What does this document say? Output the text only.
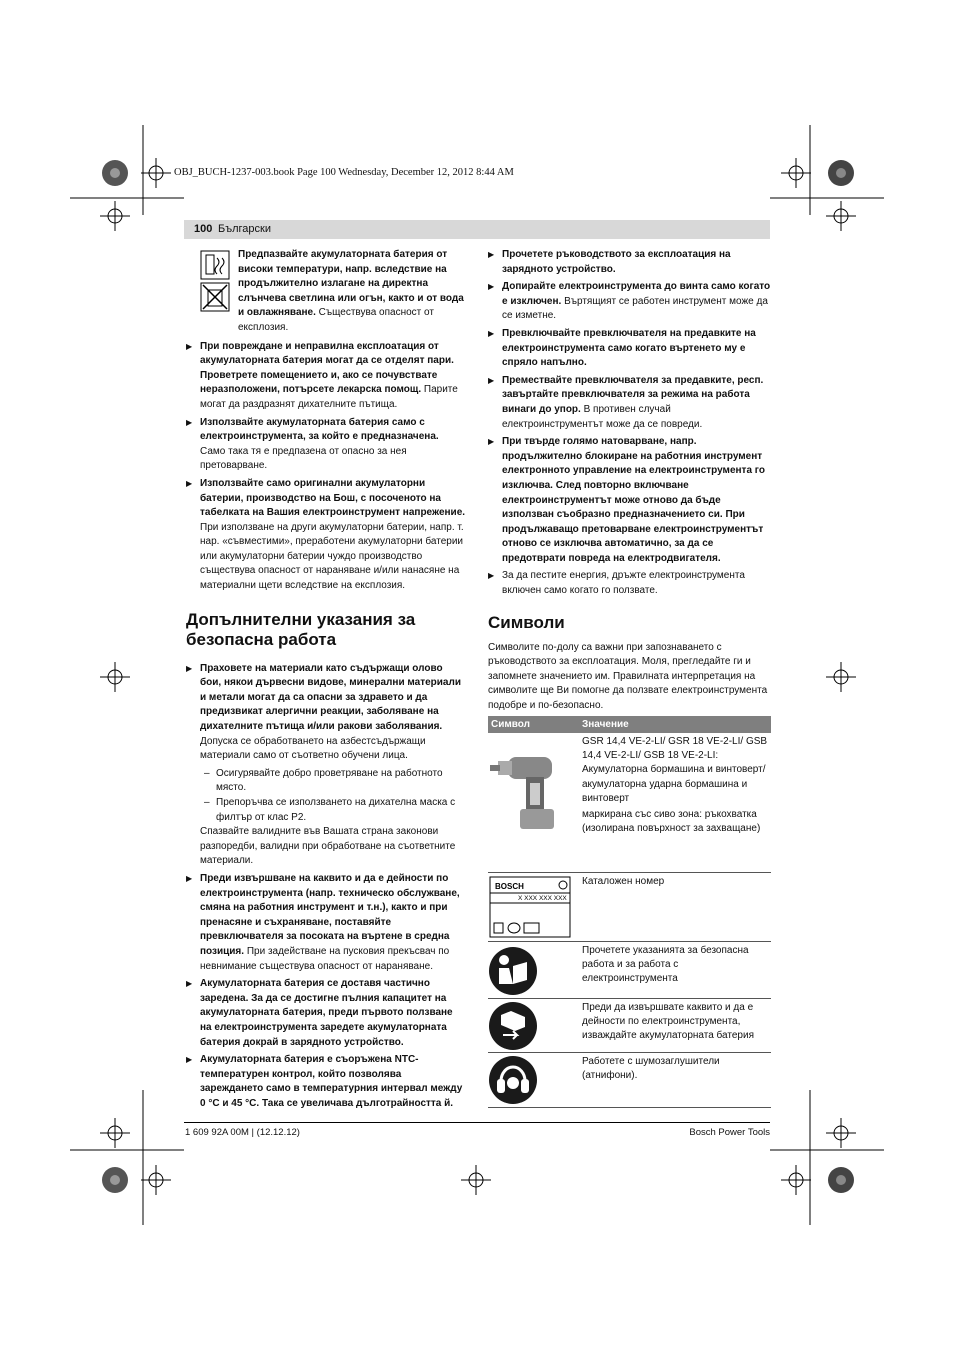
OBJ_BUCH-1237-003.book Page 100 Wednesday, December 12, 2012 8:44 AM
100 Български

Предпазвайте акумулаторната батерия от високи температури, напр. вследствие на продължително излагане на директна слънчева светлина или огън, както и от вода и овлажняване. Съществува опасност от експлозия.

▶ При повреждане и неправилна експлоатация от акумулаторната батерия могат да се отделят пари. Проветрете помещението и, ако се почувствате неразположени, потърсете лекарска помощ. Парите могат да раздразнят дихателните пътища.
▶ Използвайте акумулаторната батерия само с електроинструмента, за който е предназначена. Само така тя е предпазена от опасно за нея претоварване.
▶ Използвайте само оригинални акумулаторни батерии, производство на Бош, с посоченото на табелката на Вашия електроинструмент напрежение. При използване на други акумулаторни батерии, напр. т. нар. «съвместими», преработени акумулаторни батерии или акумулаторни батерии чуждо производство съществува опасност от нараняване и/или нанасяне на материални щети вследствие на експлозия.
Допълнителни указания за безопасна работа
▶ Праховете на материали като съдържащи олово бои, някои дървесни видове, минерални материали и метали могат да са опасни за здравето и да предизвикат алергични реакции, заболяване на дихателните пътища и/или ракови заболявания. Допуска се обработването на азбестсъдържащи материали само от съответно обучени лица.
– Осигурявайте добро проветряване на работното място.
– Препоръчва се използването на дихателна маска с филтър от клас P2.

Спазвайте валидните във Вашата страна законови разпоредби, валидни при обработване на съответните материали.

▶ Преди извършване на каквито и да е дейности по електроинструмента (напр. техническо обслужване, смяна на работния инструмент и т.н.), както и при пренасяне и съхраняване, поставяйте превключвателя за посоката на въртене в средна позиция. При задействане на пусковия прекъсвач по невнимание съществува опасност от нараняване.
▶ Акумулаторната батерия се доставя частично заредена. За да се достигне пълния капацитет на акумулаторната батерия, преди първото ползване на електроинструмента заредете акумулаторната батерия докрай в зарядното устройство.
▶ Акумулаторната батерия е съоръжена NTC-температурен контрол, който позволява зареждането само в температурния интервал между 0 °C и 45 °C. Така се увеличава дълготрайността й.
▶ Прочетете ръководството за експлоатация на зарядното устройство.
▶ Допирайте електроинструмента до винта само когато е изключен. Въртящият се работен инструмент може да се изметне.
▶ Превключвайте превключвателя на предавките на електроинструмента само когато въртенето му е спряло напълно.
▶ Премествайте превключвателя за предавките, респ. завъртайте превключвателя за режима на работа винаги до упор. В противен случай електроинструментът може да се повреди.
▶ При твърде голямо натоварване, напр. продължително блокиране на работния инструмент електронното управление на електроинструмента го изключва. След повторно включване електроинструментът може отново да бъде използван съобразно предназначението си. При продължаващо претоварване електроинструментът отново се изключва автоматично, за да се предотврати повреда на електродвигателя.
▶ За да пестите енергия, дръжте електроинструмента включен само когато го ползвате.
Символи

Символите по-долу са важни при запознаването с ръководството за експлоатация. Моля, прегледайте ги и запомнете значението им. Правилната интерпретация на символите ще Ви помогне да ползвате електроинструмента подобре и по-безопасно.

Символ	Значение
GSR 14,4 VE-2-LI/ GSR 18 VE-2-LI/ GSB 14,4 VE-2-LI/ GSB 18 VE-2-LI: Акумулаторна бормашина и винтоверт/акумулаторна ударна бормашина и винтоверт
маркирана със сиво зона: ръкохватка (изолирана повърхност за захващане)
BOSCH
X XXX XXX XXX
Каталожен номер
Прочетете указанията за безопасна работа и за работа с електроинструмента
Преди да извършвате каквито и да е дейности по електроинструмента, изваждайте акумулаторната батерия
Работете с шумозаглушители (атнифони).
1 609 92A 00M | (12.12.12)	Bosch Power Tools
